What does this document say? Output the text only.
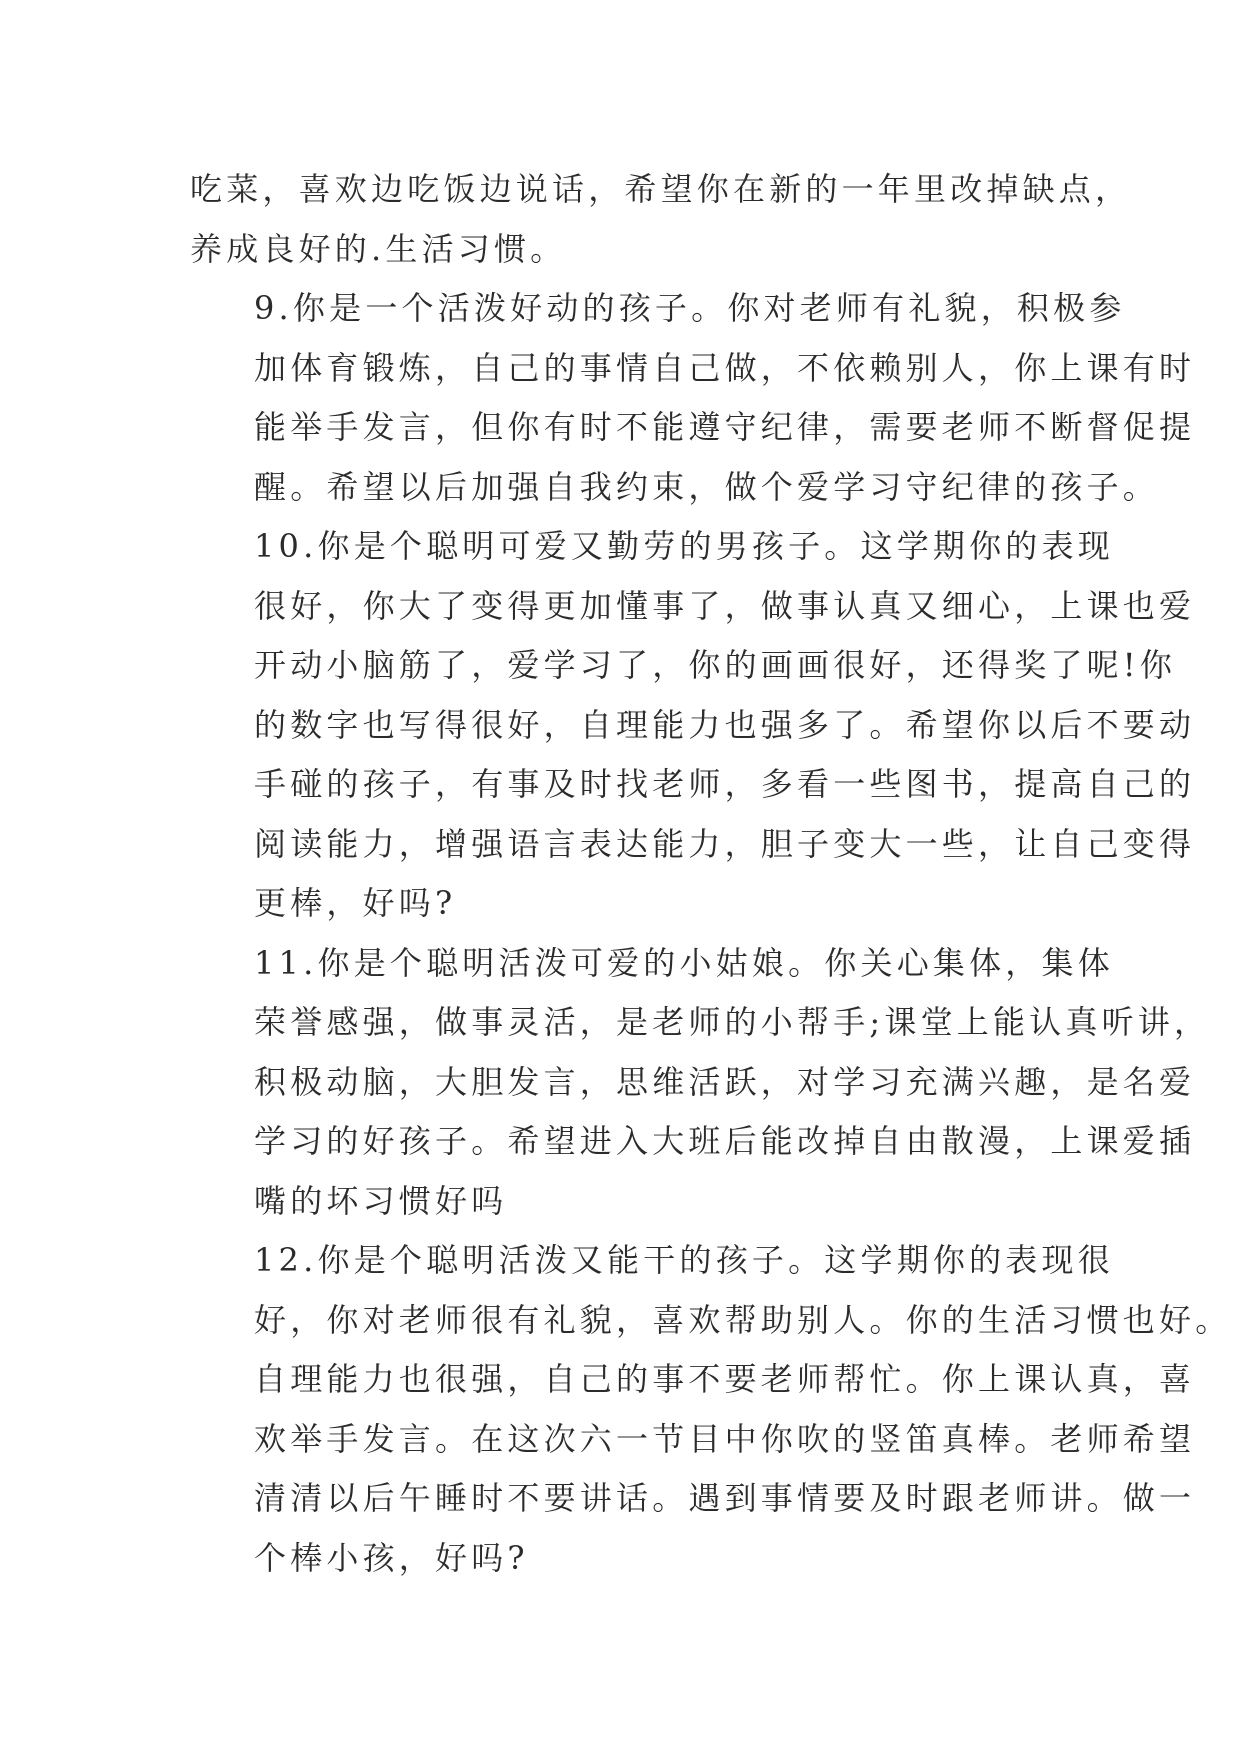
吃菜，喜欢边吃饭边说话，希望你在新的一年里改掉缺点，
养成良好的.生活习惯。

9.你是一个活泼好动的孩子。你对老师有礼貌，积极参
加体育锻炼，自己的事情自己做，不依赖别人，你上课有时
能举手发言，但你有时不能遵守纪律，需要老师不断督促提
醒。希望以后加强自我约束，做个爱学习守纪律的孩子。

10.你是个聪明可爱又勤劳的男孩子。这学期你的表现
很好，你大了变得更加懂事了，做事认真又细心，上课也爱
开动小脑筋了，爱学习了，你的画画很好，还得奖了呢!你
的数字也写得很好，自理能力也强多了。希望你以后不要动
手碰的孩子，有事及时找老师，多看一些图书，提高自己的
阅读能力，增强语言表达能力，胆子变大一些，让自己变得
更棒，好吗?

11.你是个聪明活泼可爱的小姑娘。你关心集体，集体
荣誉感强，做事灵活，是老师的小帮手;课堂上能认真听讲，
积极动脑，大胆发言，思维活跃，对学习充满兴趣，是名爱
学习的好孩子。希望进入大班后能改掉自由散漫，上课爱插
嘴的坏习惯好吗

12.你是个聪明活泼又能干的孩子。这学期你的表现很
好，你对老师很有礼貌，喜欢帮助别人。你的生活习惯也好。
自理能力也很强，自己的事不要老师帮忙。你上课认真，喜
欢举手发言。在这次六一节目中你吹的竖笛真棒。老师希望
清清以后午睡时不要讲话。遇到事情要及时跟老师讲。做一
个棒小孩，好吗?
